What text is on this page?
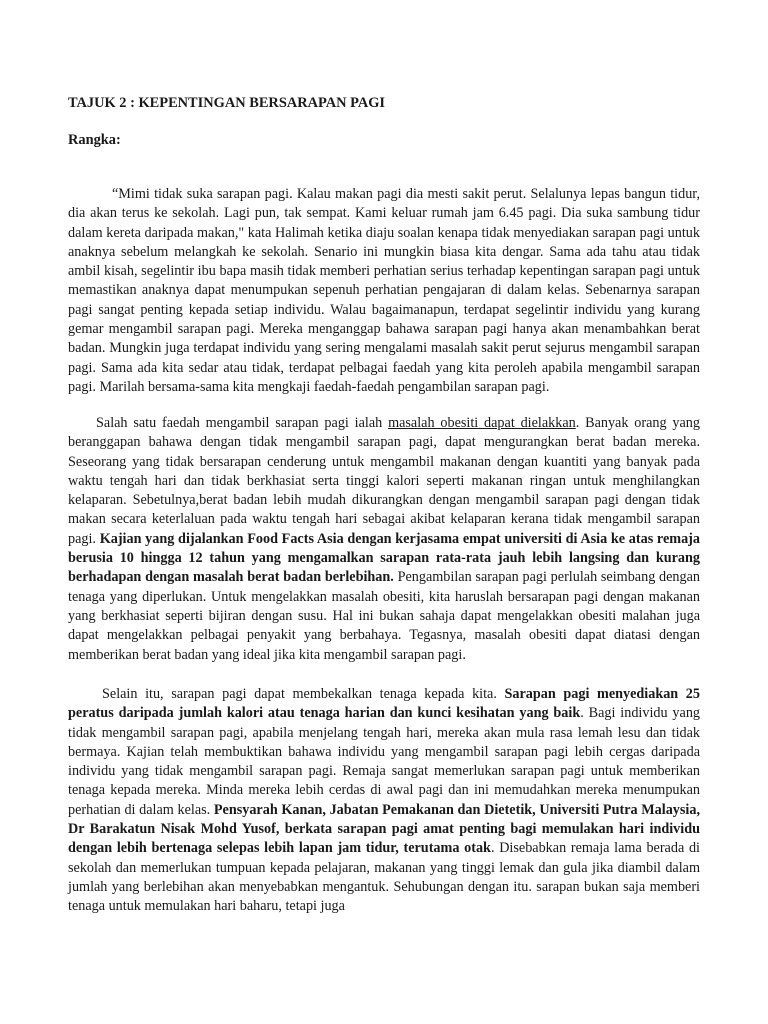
TAJUK 2 : KEPENTINGAN BERSARAPAN PAGI
Rangka:

“Mimi tidak suka sarapan pagi. Kalau makan pagi dia mesti sakit perut. Selalunya lepas bangun tidur, dia akan terus ke sekolah. Lagi pun, tak sempat. Kami keluar rumah jam 6.45 pagi. Dia suka sambung tidur dalam kereta daripada makan," kata Halimah ketika diaju soalan kenapa tidak menyediakan sarapan pagi untuk anaknya sebelum melangkah ke sekolah. Senario ini mungkin biasa kita dengar. Sama ada tahu atau tidak ambil kisah, segelintir ibu bapa masih tidak memberi perhatian serius terhadap kepentingan sarapan pagi untuk memastikan anaknya dapat menumpukan sepenuh perhatian pengajaran di dalam kelas. Sebenarnya sarapan pagi sangat penting kepada setiap individu. Walau bagaimanapun, terdapat segelintir individu yang kurang gemar mengambil sarapan pagi. Mereka menganggap bahawa sarapan pagi hanya akan menambahkan berat badan. Mungkin juga terdapat individu yang sering mengalami masalah sakit perut sejurus mengambil sarapan pagi. Sama ada kita sedar atau tidak, terdapat pelbagai faedah yang kita peroleh apabila mengambil sarapan pagi. Marilah bersama-sama kita mengkaji faedah-faedah pengambilan sarapan pagi.

Salah satu faedah mengambil sarapan pagi ialah masalah obesiti dapat dielakkan. Banyak orang yang beranggapan bahawa dengan tidak mengambil sarapan pagi, dapat mengurangkan berat badan mereka. Seseorang yang tidak bersarapan cenderung untuk mengambil makanan dengan kuantiti yang banyak pada waktu tengah hari dan tidak berkhasiat serta tinggi kalori seperti makanan ringan untuk menghilangkan kelaparan. Sebetulnya,berat badan lebih mudah dikurangkan dengan mengambil sarapan pagi dengan tidak makan secara keterlaluan pada waktu tengah hari sebagai akibat kelaparan kerana tidak mengambil sarapan pagi. Kajian yang dijalankan Food Facts Asia dengan kerjasama empat universiti di Asia ke atas remaja berusia 10 hingga 12 tahun yang mengamalkan sarapan rata-rata jauh lebih langsing dan kurang berhadapan dengan masalah berat badan berlebihan. Pengambilan sarapan pagi perlulah seimbang dengan tenaga yang diperlukan. Untuk mengelakkan masalah obesiti, kita haruslah bersarapan pagi dengan makanan yang berkhasiat seperti bijiran dengan susu. Hal ini bukan sahaja dapat mengelakkan obesiti malahan juga dapat mengelakkan pelbagai penyakit yang berbahaya. Tegasnya, masalah obesiti dapat diatasi dengan memberikan berat badan yang ideal jika kita mengambil sarapan pagi.

Selain itu, sarapan pagi dapat membekalkan tenaga kepada kita. Sarapan pagi menyediakan 25 peratus daripada jumlah kalori atau tenaga harian dan kunci kesihatan yang baik. Bagi individu yang tidak mengambil sarapan pagi, apabila menjelang tengah hari, mereka akan mula rasa lemah lesu dan tidak bermaya. Kajian telah membuktikan bahawa individu yang mengambil sarapan pagi lebih cergas daripada individu yang tidak mengambil sarapan pagi. Remaja sangat memerlukan sarapan pagi untuk memberikan tenaga kepada mereka. Minda mereka lebih cerdas di awal pagi dan ini memudahkan mereka menumpukan perhatian di dalam kelas. Pensyarah Kanan, Jabatan Pemakanan dan Dietetik, Universiti Putra Malaysia, Dr Barakatun Nisak Mohd Yusof, berkata sarapan pagi amat penting bagi memulakan hari individu dengan lebih bertenaga selepas lebih lapan jam tidur, terutama otak. Disebabkan remaja lama berada di sekolah dan memerlukan tumpuan kepada pelajaran, makanan yang tinggi lemak dan gula jika diambil dalam jumlah yang berlebihan akan menyebabkan mengantuk. Sehubungan dengan itu. sarapan bukan saja memberi tenaga untuk memulakan hari baharu, tetapi juga
